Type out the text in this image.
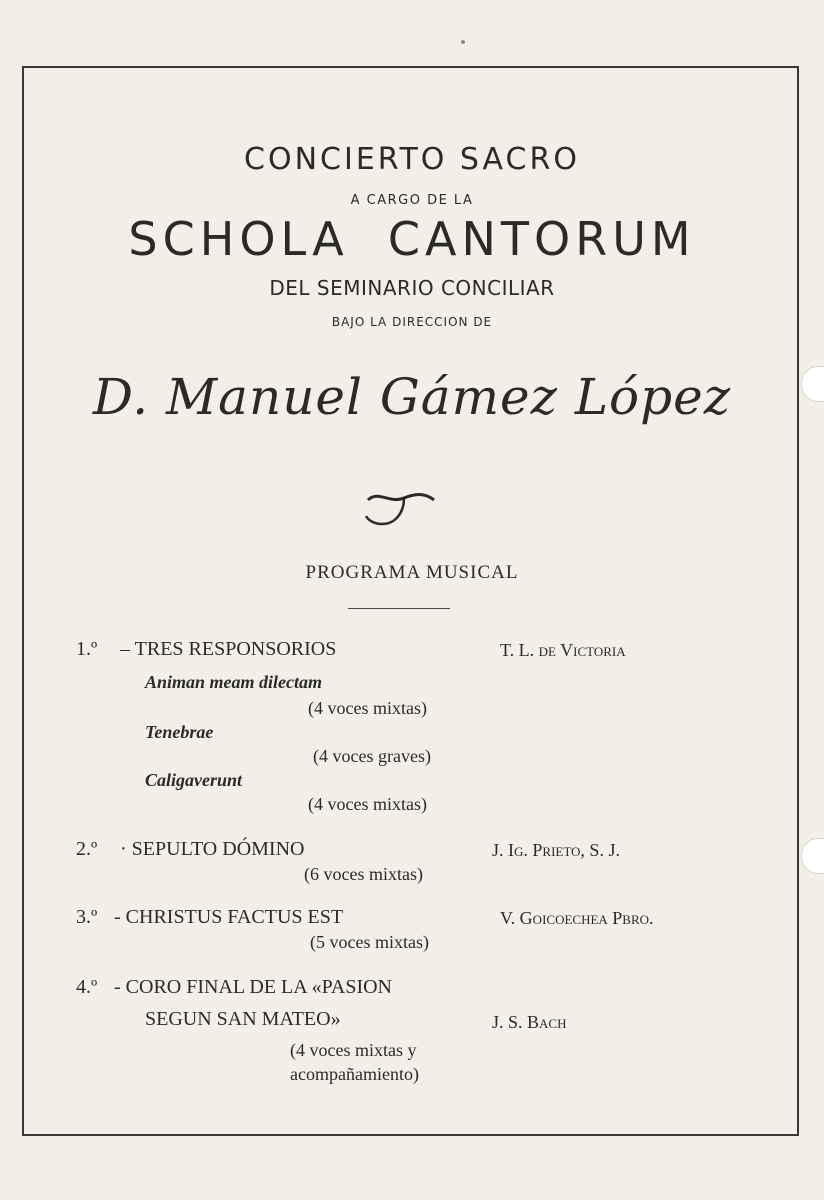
CONCIERTO SACRO
A CARGO DE LA
SCHOLA  CANTORUM
DEL SEMINARIO CONCILIAR
BAJO LA DIRECCION DE
D. Manuel Gámez López
PROGRAMA MUSICAL
1.º – TRES RESPONSORIOS	T. L. de Victoria
Animan meam dilectam
(4 voces mixtas)
Tenebrae
(4 voces graves)
Caligaverunt
(4 voces mixtas)
2.º · SEPULTO DÓMINO	J. Ig. Prieto, S. J.
(6 voces mixtas)
3.º - CHRISTUS FACTUS EST	V. Goicoechea Pbro.
(5 voces mixtas)
4.º - CORO FINAL DE LA «PASION
SEGUN SAN MATEO»	J. S. Bach
(4 voces mixtas y
acompañamiento)
